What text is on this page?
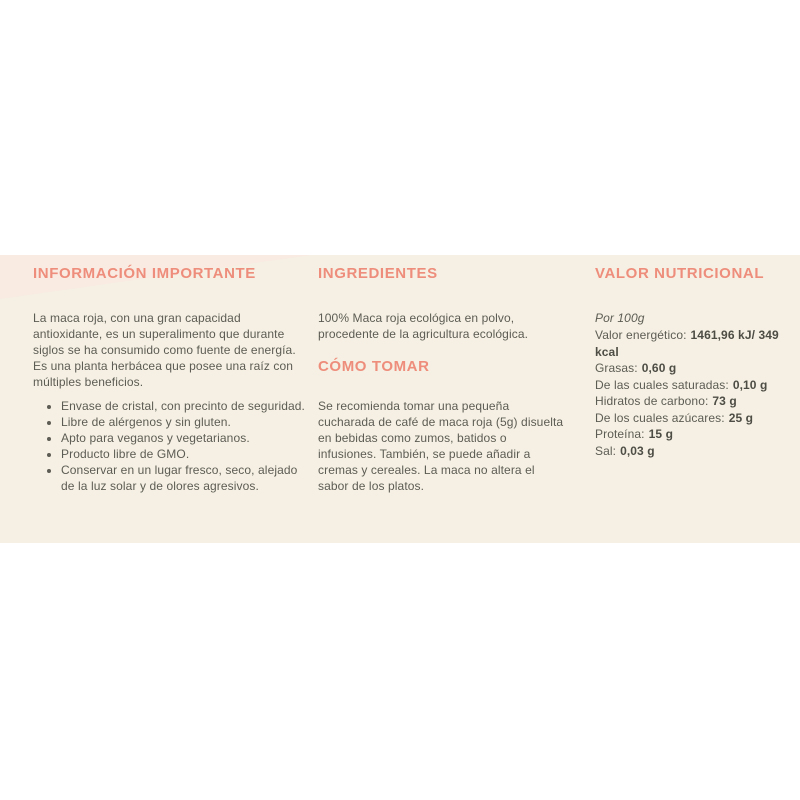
INFORMACIÓN IMPORTANTE

La maca roja, con una gran capacidad antioxidante, es un superalimento que durante siglos se ha consumido como fuente de energía. Es una planta herbácea que posee una raíz con múltiples beneficios.

• Envase de cristal, con precinto de seguridad.
• Libre de alérgenos y sin gluten.
• Apto para veganos y vegetarianos.
• Producto libre de GMO.
• Conservar en un lugar fresco, seco, alejado de la luz solar y de olores agresivos.
INGREDIENTES

100% Maca roja ecológica en polvo, procedente de la agricultura ecológica.

CÓMO TOMAR

Se recomienda tomar una pequeña cucharada de café de maca roja (5g) disuelta en bebidas como zumos, batidos o infusiones. También, se puede añadir a cremas y cereales. La maca no altera el sabor de los platos.

VALOR NUTRICIONAL

Por 100g

Valor energético: 1461,96 kJ/ 349 kcal
Grasas: 0,60 g
De las cuales saturadas: 0,10 g
Hidratos de carbono: 73 g
De los cuales azúcares: 25 g
Proteína: 15 g
Sal: 0,03 g
